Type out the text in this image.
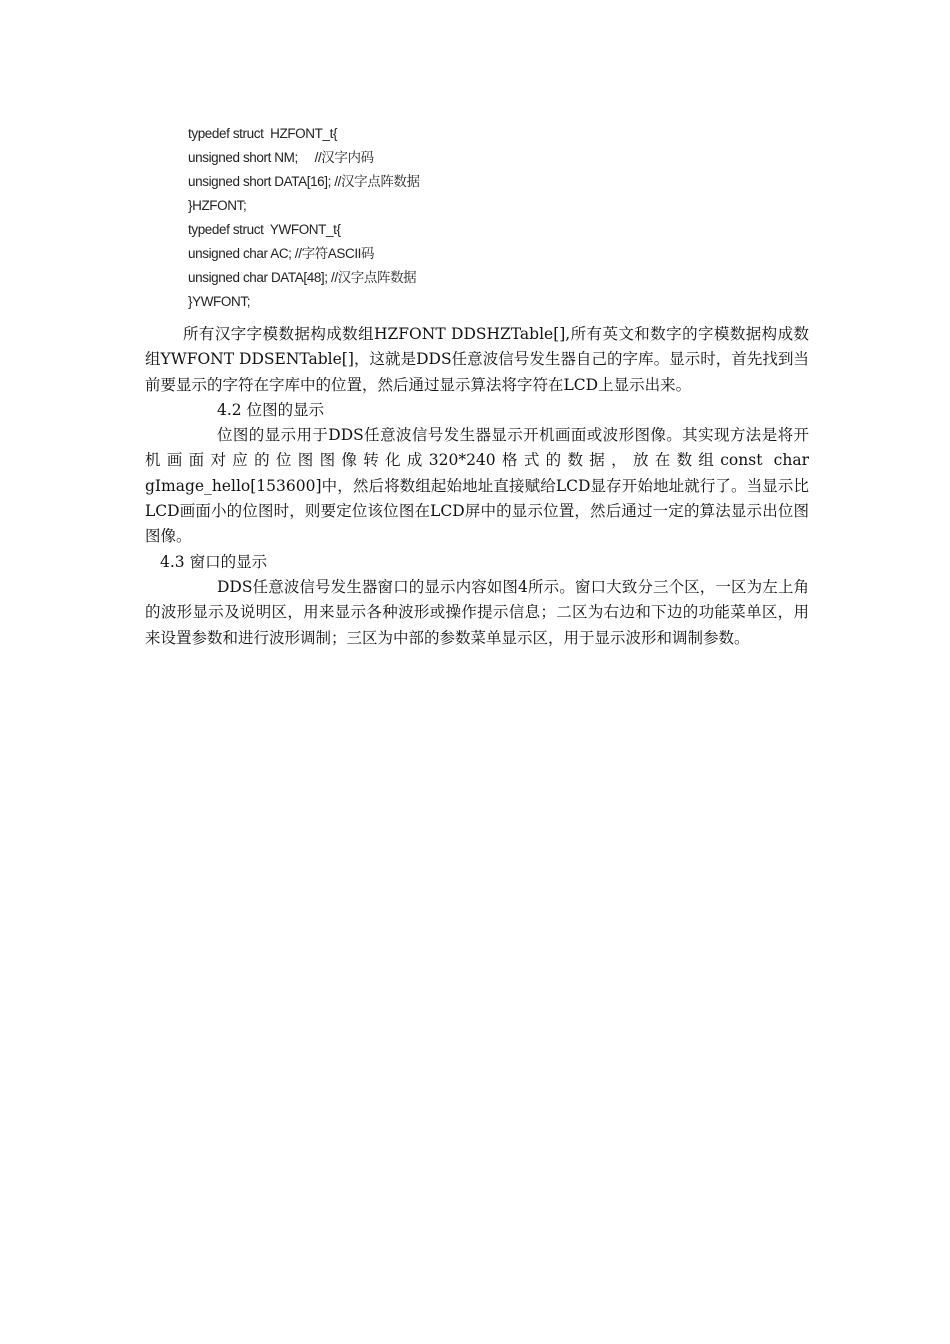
typedef struct  HZFONT_t{
unsigned short NM;     //汉字内码
unsigned short DATA[16]; //汉字点阵数据
}HZFONT;
typedef struct  YWFONT_t{
unsigned char AC; //字符ASCII码
unsigned char DATA[48]; //汉字点阵数据
}YWFONT;

所有汉字字模数据构成数组HZFONT DDSHZTable[],所有英文和数字的字模数据构成数组YWFONT DDSENTable[]，这就是DDS任意波信号发生器自己的字库。显示时，首先找到当前要显示的字符在字库中的位置，然后通过显示算法将字符在LCD上显示出来。

4.2 位图的显示

位图的显示用于DDS任意波信号发生器显示开机画面或波形图像。其实现方法是将开机画面对应的位图图像转化成320*240格式的数据，放在数组const char gImage_hello[153600]中，然后将数组起始地址直接赋给LCD显存开始地址就行了。当显示比LCD画面小的位图时，则要定位该位图在LCD屏中的显示位置，然后通过一定的算法显示出位图图像。

4.3 窗口的显示

DDS任意波信号发生器窗口的显示内容如图4所示。窗口大致分三个区，一区为左上角的波形显示及说明区，用来显示各种波形或操作提示信息；二区为右边和下边的功能菜单区，用来设置参数和进行波形调制；三区为中部的参数菜单显示区，用于显示波形和调制参数。
